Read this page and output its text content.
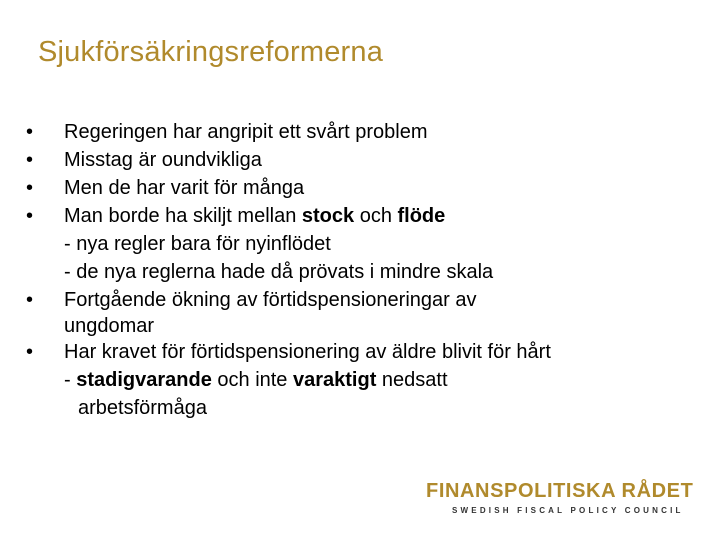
Sjukförsäkringsreformerna
• Regeringen har angripit ett svårt problem
• Misstag är oundvikliga
• Men de har varit för många
• Man borde ha skiljt mellan stock och flöde
- nya regler bara för nyinflödet
- de nya reglerna hade då prövats i mindre skala
• Fortgående ökning av förtidspensioneringar av
ungdomar
• Har kravet för förtidspensionering av äldre blivit för hårt
- stadigvarande och inte varaktigt nedsatt
arbetsförmåga
FINANSPOLITISKA RÅDET
SWEDISH FISCAL POLICY COUNCIL
